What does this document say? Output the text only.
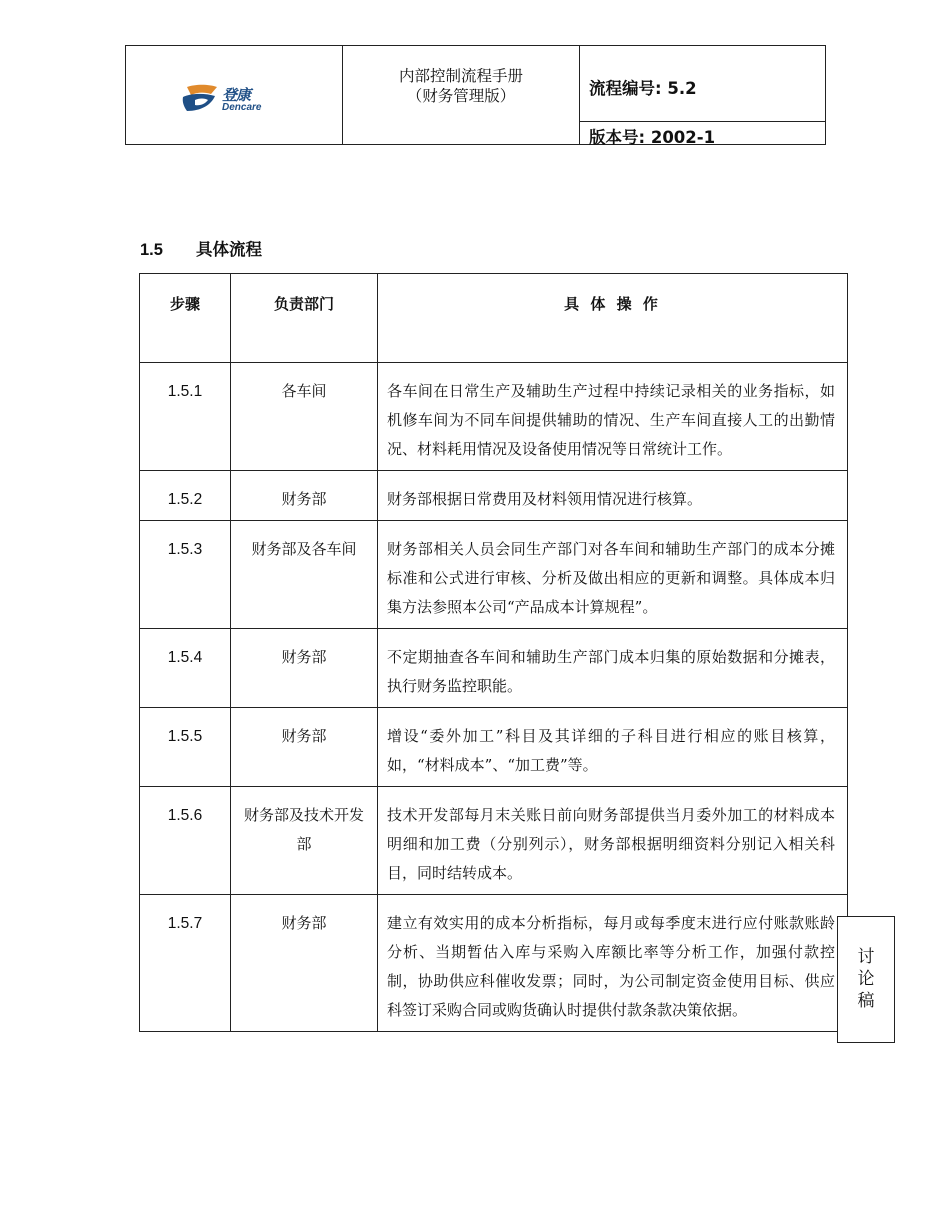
登康
Dencare
内部控制流程手册
（财务管理版）	流程编号: 5.2
版本号: 2002-1
1.5 具体流程
步骤	负责部门	具 体 操 作
1.5.1	各车间	各车间在日常生产及辅助生产过程中持续记录相关的业务指标，如机修车间为不同车间提供辅助的情况、生产车间直接人工的出勤情况、材料耗用情况及设备使用情况等日常统计工作。
1.5.2	财务部	财务部根据日常费用及材料领用情况进行核算。
1.5.3	财务部及各车间	财务部相关人员会同生产部门对各车间和辅助生产部门的成本分摊标准和公式进行审核、分析及做出相应的更新和调整。具体成本归集方法参照本公司“产品成本计算规程”。
1.5.4	财务部	不定期抽查各车间和辅助生产部门成本归集的原始数据和分摊表，执行财务监控职能。
1.5.5	财务部	增设“委外加工”科目及其详细的子科目进行相应的账目核算，如，“材料成本”、“加工费”等。
1.5.6	财务部及技术开发部	技术开发部每月末关账日前向财务部提供当月委外加工的材料成本明细和加工费（分别列示），财务部根据明细资料分别记入相关科目，同时结转成本。
1.5.7	财务部	建立有效实用的成本分析指标，每月或每季度末进行应付账款账龄分析、当期暂估入库与采购入库额比率等分析工作，加强付款控制，协助供应科催收发票；同时，为公司制定资金使用目标、供应科签订采购合同或购货确认时提供付款条款决策依据。
讨
论
稿
